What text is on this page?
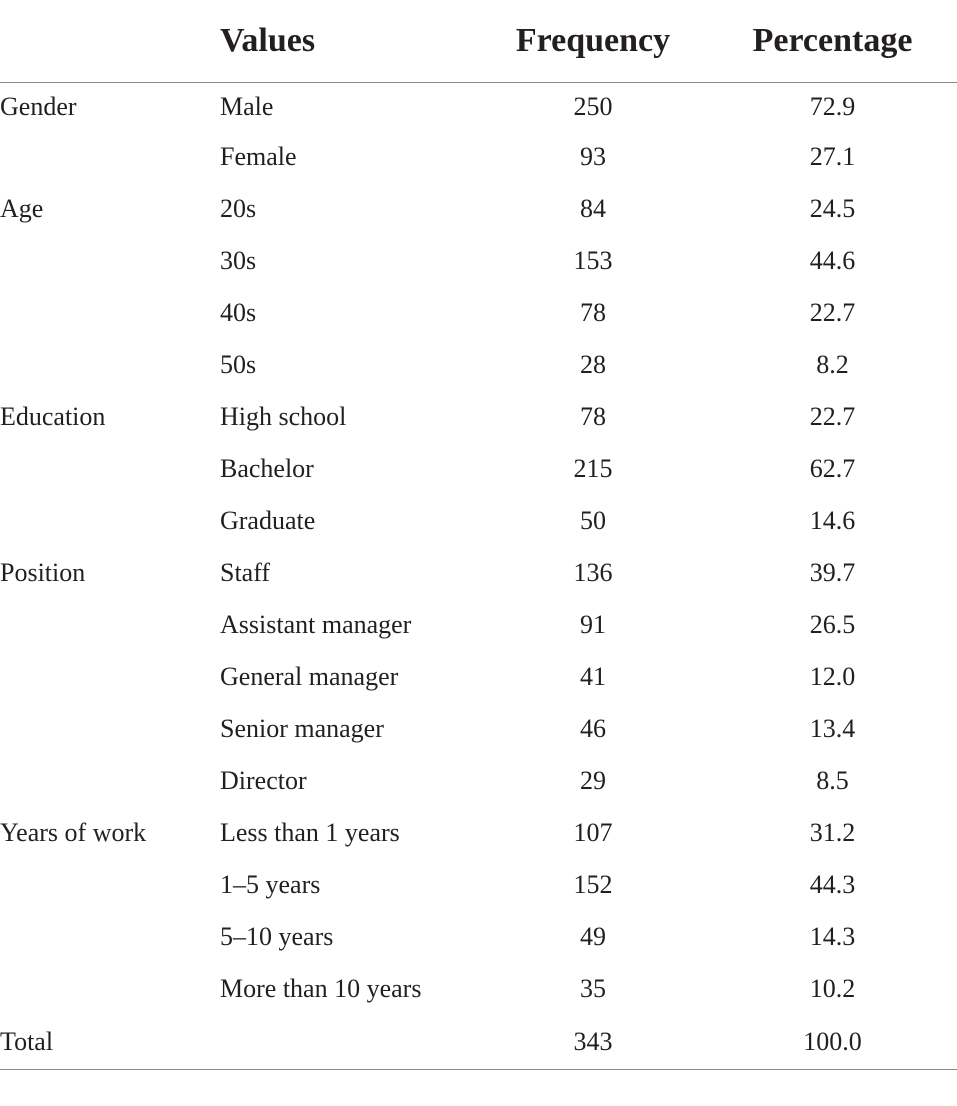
	Values	Frequency	Percentage
Gender	Male	250	72.9
	Female	93	27.1
Age	20s	84	24.5
	30s	153	44.6
	40s	78	22.7
	50s	28	8.2
Education	High school	78	22.7
	Bachelor	215	62.7
	Graduate	50	14.6
Position	Staff	136	39.7
	Assistant manager	91	26.5
	General manager	41	12.0
	Senior manager	46	13.4
	Director	29	8.5
Years of work	Less than 1 years	107	31.2
	1–5 years	152	44.3
	5–10 years	49	14.3
	More than 10 years	35	10.2
Total		343	100.0
